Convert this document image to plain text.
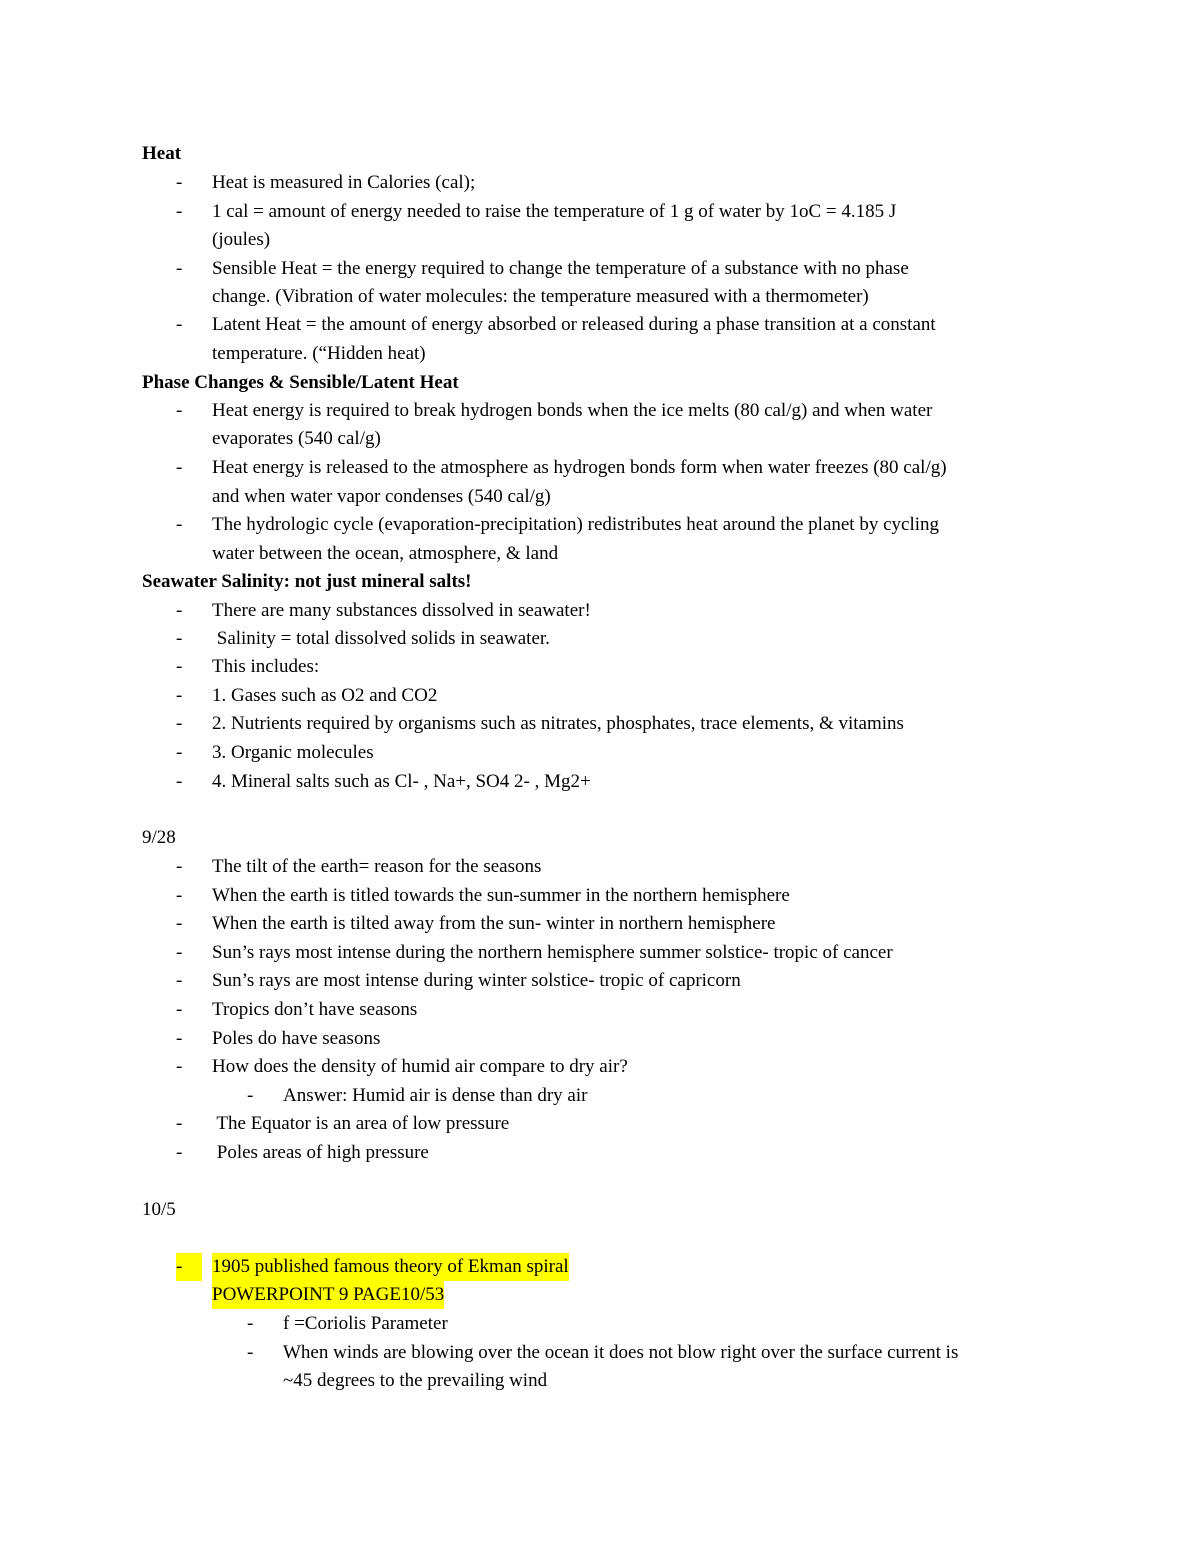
Heat
- Heat is measured in Calories (cal);
- 1 cal = amount of energy needed to raise the temperature of 1 g of water by 1oC = 4.185 J
(joules)
- Sensible Heat = the energy required to change the temperature of a substance with no phase
change. (Vibration of water molecules: the temperature measured with a thermometer)
- Latent Heat = the amount of energy absorbed or released during a phase transition at a constant
temperature. (“Hidden heat)
Phase Changes & Sensible/Latent Heat
- Heat energy is required to break hydrogen bonds when the ice melts (80 cal/g) and when water
evaporates (540 cal/g)
- Heat energy is released to the atmosphere as hydrogen bonds form when water freezes (80 cal/g)
and when water vapor condenses (540 cal/g)
- The hydrologic cycle (evaporation-precipitation) redistributes heat around the planet by cycling
water between the ocean, atmosphere, & land
Seawater Salinity: not just mineral salts!
- There are many substances dissolved in seawater!
- Salinity = total dissolved solids in seawater.
- This includes:
- 1. Gases such as O2 and CO2
- 2. Nutrients required by organisms such as nitrates, phosphates, trace elements, & vitamins
- 3. Organic molecules
- 4. Mineral salts such as Cl- , Na+, SO4 2- , Mg2+
9/28
- The tilt of the earth= reason for the seasons
- When the earth is titled towards the sun-summer in the northern hemisphere
- When the earth is tilted away from the sun- winter in northern hemisphere
- Sun’s rays most intense during the northern hemisphere summer solstice- tropic of cancer
- Sun’s rays are most intense during winter solstice- tropic of capricorn
- Tropics don’t have seasons
- Poles do have seasons
- How does the density of humid air compare to dry air?
- Answer: Humid air is dense than dry air
- The Equator is an area of low pressure
- Poles areas of high pressure
10/5
-	1905 published famous theory of Ekman spiral
POWERPOINT 9 PAGE10/53
- f =Coriolis Parameter
- When winds are blowing over the ocean it does not blow right over the surface current is
~45 degrees to the prevailing wind
